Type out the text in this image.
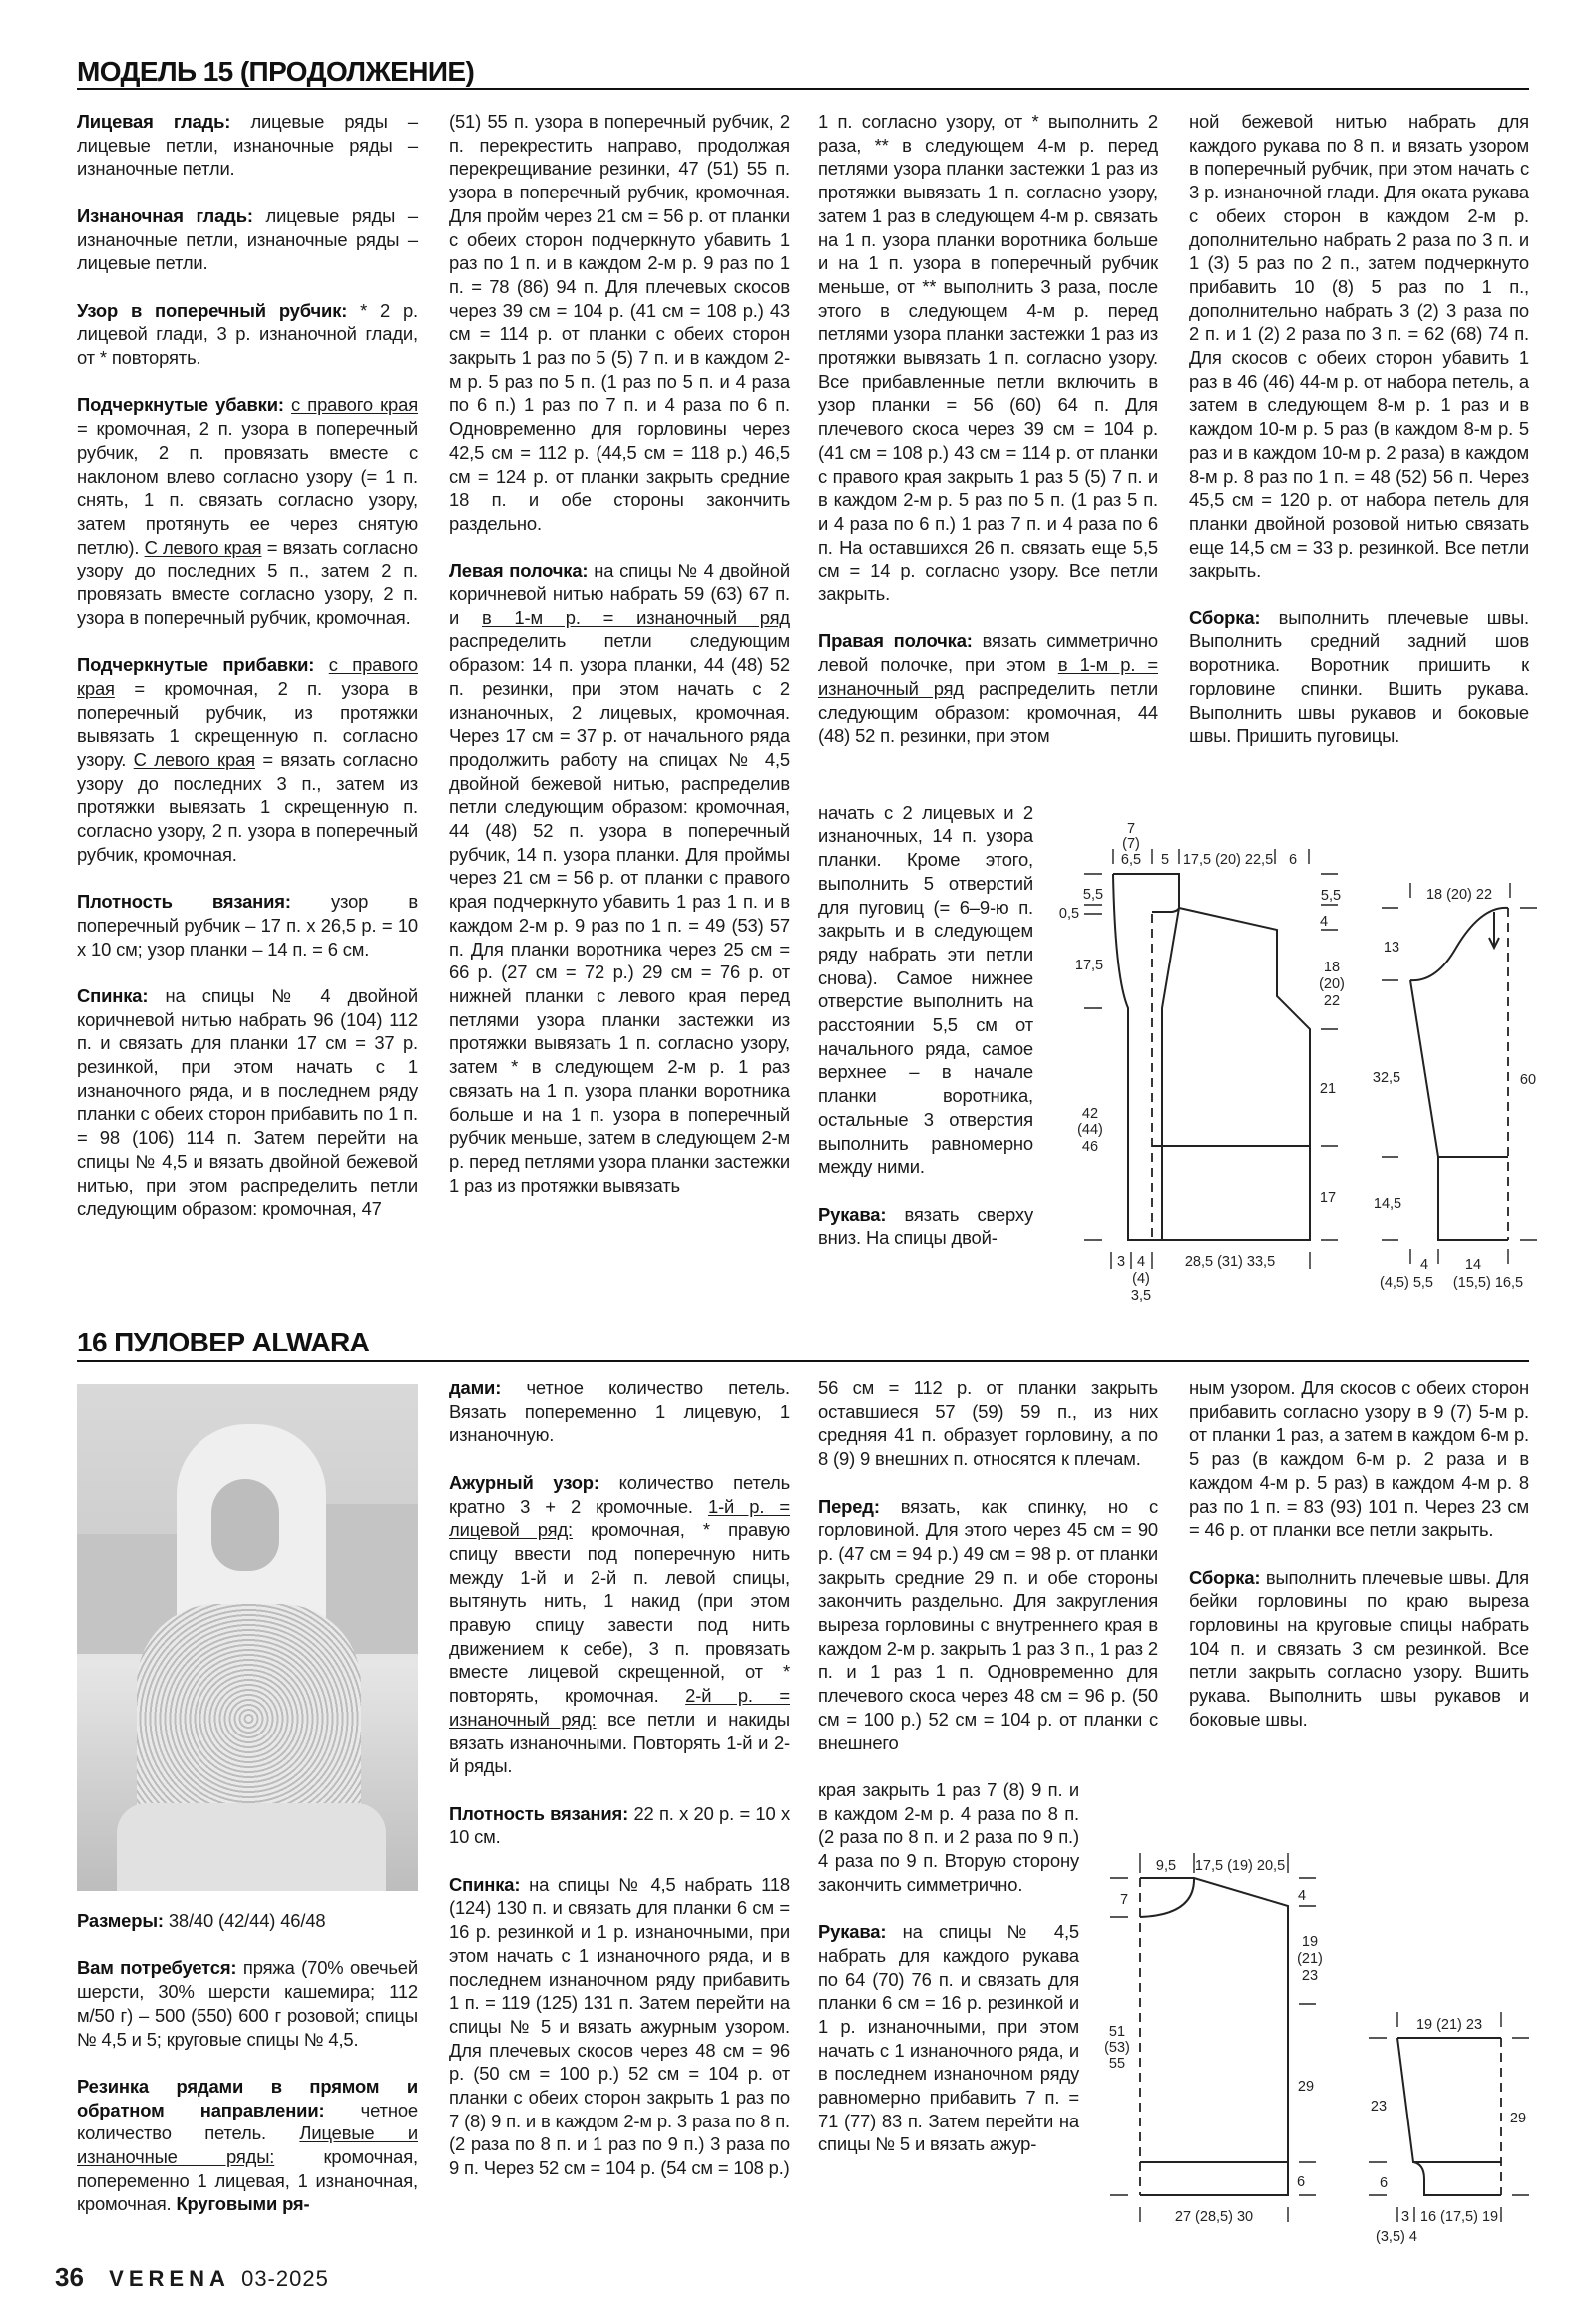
МОДЕЛЬ 15 (ПРОДОЛЖЕНИЕ)

Лицевая гладь: лицевые ряды – лицевые петли, изнаночные ряды – изнаночные петли.

Изнаночная гладь: лицевые ряды – изнаночные петли, изнаночные ряды – лицевые петли.

Узор в поперечный рубчик: * 2 р. лицевой глади, 3 р. изнаночной глади, от * повторять.

Подчеркнутые убавки: с правого края = кромочная, 2 п. узора в поперечный рубчик, 2 п. провязать вместе с наклоном влево согласно узору (= 1 п. снять, 1 п. связать согласно узору, затем протянуть ее через снятую петлю). С левого края = вязать согласно узору до последних 5 п., затем 2 п. провязать вместе согласно узору, 2 п. узора в поперечный рубчик, кромочная.

Подчеркнутые прибавки: с правого края = кромочная, 2 п. узора в поперечный рубчик, из протяжки вывязать 1 скрещенную п. согласно узору. С левого края = вязать согласно узору до последних 3 п., затем из протяжки вывязать 1 скрещенную п. согласно узору, 2 п. узора в поперечный рубчик, кромочная.

Плотность вязания: узор в поперечный рубчик – 17 п. х 26,5 р. = 10 х 10 см; узор планки – 14 п. = 6 см.

Спинка: на спицы № 4 двойной коричневой нитью набрать 96 (104) 112 п. и связать для планки 17 см = 37 р. резинкой, при этом начать с 1 изнаночного ряда, и в последнем ряду планки с обеих сторон прибавить по 1 п. = 98 (106) 114 п. Затем перейти на спицы № 4,5 и вязать двойной бежевой нитью, при этом распределить петли следующим образом: кромочная, 47

(51) 55 п. узора в поперечный рубчик, 2 п. перекрестить направо, продолжая перекрещивание резинки, 47 (51) 55 п. узора в поперечный рубчик, кромочная. Для пройм через 21 см = 56 р. от планки с обеих сторон подчеркнуто убавить 1 раз по 1 п. и в каждом 2-м р. 9 раз по 1 п. = 78 (86) 94 п. Для плечевых скосов через 39 см = 104 р. (41 см = 108 р.) 43 см = 114 р. от планки с обеих сторон закрыть 1 раз по 5 (5) 7 п. и в каждом 2-м р. 5 раз по 5 п. (1 раз по 5 п. и 4 раза по 6 п.) 1 раз по 7 п. и 4 раза по 6 п. Одновременно для горловины через 42,5 см = 112 р. (44,5 см = 118 р.) 46,5 см = 124 р. от планки закрыть средние 18 п. и обе стороны закончить раздельно.

Левая полочка: на спицы № 4 двойной коричневой нитью набрать 59 (63) 67 п. и в 1-м р. = изнаночный ряд распределить петли следующим образом: 14 п. узора планки, 44 (48) 52 п. резинки, при этом начать с 2 изнаночных, 2 лицевых, кромочная. Через 17 см = 37 р. от начального ряда продолжить работу на спицах № 4,5 двойной бежевой нитью, распределив петли следующим образом: кромочная, 44 (48) 52 п. узора в поперечный рубчик, 14 п. узора планки. Для проймы через 21 см = 56 р. от планки с правого края подчеркнуто убавить 1 раз 1 п. и в каждом 2-м р. 9 раз по 1 п. = 49 (53) 57 п. Для планки воротника через 25 см = 66 р. (27 см = 72 р.) 29 см = 76 р. от нижней планки с левого края перед петлями узора планки застежки из протяжки вывязать 1 п. согласно узору, затем * в следующем 2-м р. 1 раз связать на 1 п. узора планки воротника больше и на 1 п. узора в поперечный рубчик меньше, затем в следующем 2-м р. перед петлями узора планки застежки 1 раз из протяжки вывязать

1 п. согласно узору, от * выполнить 2 раза, ** в следующем 4-м р. перед петлями узора планки застежки 1 раз из протяжки вывязать 1 п. согласно узору, затем 1 раз в следующем 4-м р. связать на 1 п. узора планки воротника больше и на 1 п. узора в поперечный рубчик меньше, от ** выполнить 3 раза, после этого в следующем 4-м р. перед петлями узора планки застежки 1 раз из протяжки вывязать 1 п. согласно узору. Все прибавленные петли включить в узор планки = 56 (60) 64 п. Для плечевого скоса через 39 см = 104 р. (41 см = 108 р.) 43 см = 114 р. от планки с правого края закрыть 1 раз 5 (5) 7 п. и в каждом 2-м р. 5 раз по 5 п. (1 раз 5 п. и 4 раза по 6 п.) 1 раз 7 п. и 4 раза по 6 п. На оставшихся 26 п. связать еще 5,5 см = 14 р. согласно узору. Все петли закрыть.

Правая полочка: вязать симметрично левой полочке, при этом в 1-м р. = изнаночный ряд распределить петли следующим образом: кромочная, 44 (48) 52 п. резинки, при этом

начать с 2 лицевых и 2 изнаночных, 14 п. узора планки. Кроме этого, выполнить 5 отверстий для пуговиц (= 6–9-ю п. закрыть и в следующем ряду набрать эти петли снова). Самое нижнее отверстие выполнить на расстоянии 5,5 см от начального ряда, самое верхнее – в начале планки воротника, остальные 3 отверстия выполнить равномерно между ними.

Рукава: вязать сверху вниз. На спицы двой-

ной бежевой нитью набрать для каждого рукава по 8 п. и вязать узором в поперечный рубчик, при этом начать с 3 р. изнаночной глади. Для оката рукава с обеих сторон в каждом 2-м р. дополнительно набрать 2 раза по 3 п. и 1 (3) 5 раз по 2 п., затем подчеркнуто прибавить 10 (8) 5 раз по 1 п., дополнительно набрать 3 (2) 3 раза по 2 п. и 1 (2) 2 раза по 3 п. = 62 (68) 74 п. Для скосов с обеих сторон убавить 1 раз в 46 (46) 44-м р. от набора петель, а затем в следующем 8-м р. 1 раз и в каждом 10-м р. 5 раз (в каждом 8-м р. 5 раз и в каждом 10-м р. 2 раза) в каждом 8-м р. 8 раз по 1 п. = 48 (52) 56 п. Через 45,5 см = 120 р. от набора петель для планки двойной розовой нитью связать еще 14,5 см = 33 р. резинкой. Все петли закрыть.

Сборка: выполнить плечевые швы. Выполнить средний задний шов воротника. Воротник пришить к горловине спинки. Вшить рукава. Выполнить швы рукавов и боковые швы. Пришить пуговицы.

16 ПУЛОВЕР ALWARA

Размеры: 38/40 (42/44) 46/48

Вам потребуется: пряжа (70% овечьей шерсти, 30% шерсти кашемира; 112 м/50 г) – 500 (550) 600 г розовой; спицы № 4,5 и 5; круговые спицы № 4,5.

Резинка рядами в прямом и обратном направлении: четное количество петель. Лицевые и изнаночные ряды: кромочная, попеременно 1 лицевая, 1 изнаночная, кромочная. Круговыми ря-

дами: четное количество петель. Вязать попеременно 1 лицевую, 1 изнаночную.

Ажурный узор: количество петель кратно 3 + 2 кромочные. 1-й р. = лицевой ряд: кромочная, * правую спицу ввести под поперечную нить между 1-й и 2-й п. левой спицы, вытянуть нить, 1 накид (при этом правую спицу завести под нить движением к себе), 3 п. провязать вместе лицевой скрещенной, от * повторять, кромочная. 2-й р. = изнаночный ряд: все петли и накиды вязать изнаночными. Повторять 1-й и 2-й ряды.

Плотность вязания: 22 п. х 20 р. = 10 х 10 см.

Спинка: на спицы № 4,5 набрать 118 (124) 130 п. и связать для планки 6 см = 16 р. резинкой и 1 р. изнаночными, при этом начать с 1 изнаночного ряда, и в последнем изнаночном ряду прибавить 1 п. = 119 (125) 131 п. Затем перейти на спицы № 5 и вязать ажурным узором. Для плечевых скосов через 48 см = 96 р. (50 см = 100 р.) 52 см = 104 р. от планки с обеих сторон закрыть 1 раз по 7 (8) 9 п. и в каждом 2-м р. 3 раза по 8 п. (2 раза по 8 п. и 1 раз по 9 п.) 3 раза по 9 п. Через 52 см = 104 р. (54 см = 108 р.)

56 см = 112 р. от планки закрыть оставшиеся 57 (59) 59 п., из них средняя 41 п. образует горловину, а по 8 (9) 9 внешних п. относятся к плечам.

Перед: вязать, как спинку, но с горловиной. Для этого через 45 см = 90 р. (47 см = 94 р.) 49 см = 98 р. от планки закрыть средние 29 п. и обе стороны закончить раздельно. Для закругления выреза горловины с внутреннего края в каждом 2-м р. закрыть 1 раз 3 п., 1 раз 2 п. и 1 раз 1 п. Одновременно для плечевого скоса через 48 см = 96 р. (50 см = 100 р.) 52 см = 104 р. от планки с внешнего

края закрыть 1 раз 7 (8) 9 п. и в каждом 2-м р. 4 раза по 8 п. (2 раза по 8 п. и 2 раза по 9 п.) 4 раза по 9 п. Вторую сторону закончить симметрично.

Рукава: на спицы № 4,5 набрать для каждого рукава по 64 (70) 76 п. и связать для планки 6 см = 16 р. резинкой и 1 р. изнаночными, при этом начать с 1 изнаночного ряда, и в последнем изнаночном ряду равномерно прибавить 7 п. = 71 (77) 83 п. Затем перейти на спицы № 5 и вязать ажур-

ным узором. Для скосов с обеих сторон прибавить согласно узору в 9 (7) 5-м р. от планки 1 раз, а затем в каждом 6-м р. 5 раз (в каждом 6-м р. 2 раза и в каждом 4-м р. 5 раз) в каждом 4-м р. 8 раз по 1 п. = 83 (93) 101 п. Через 23 см = 46 р. от планки все петли закрыть.

Сборка: выполнить плечевые швы. Для бейки горловины по краю выреза горловины на круговые спицы набрать 104 п. и связать 3 см резинкой. Все петли закрыть согласно узору. Вшить рукава. Выполнить швы рукавов и боковые швы.

7
(7)
6,5 5 17,5 (20) 22,5 6
5,5
0,5
17,5
42
(44)
46
5,5
4
18
(20)
22
21
17
3 4
(4)
3,5
28,5 (31) 33,5
18 (20) 22
13
32,5
14,5
60
4
(4,5) 5,5
14
(15,5) 16,5
9,5 17,5 (19) 20,5
7
51
(53)
55
4
19
(21)
23
29
6
27 (28,5) 30
19 (21) 23
23
6
29
3 16 (17,5) 19
(3,5) 4
36 VERENA 03-2025
